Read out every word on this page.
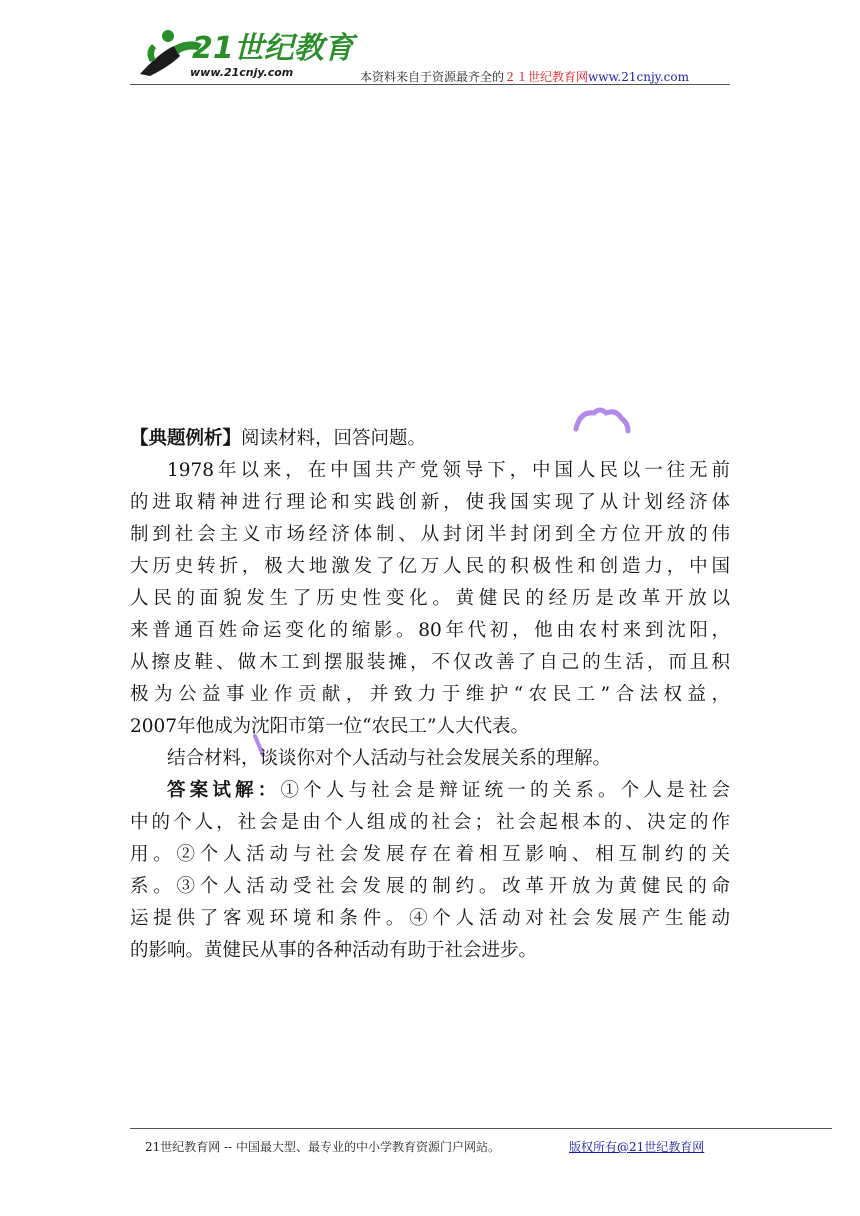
21世纪教育
www.21cnjy.com	本资料来自于资源最齐全的２１世纪教育网www.21cnjy.com
【典题例析】阅读材料，回答问题。
1978年以来，在中国共产党领导下，中国人民以一往无前
的进取精神进行理论和实践创新，使我国实现了从计划经济体
制到社会主义市场经济体制、从封闭半封闭到全方位开放的伟
大历史转折，极大地激发了亿万人民的积极性和创造力，中国
人民的面貌发生了历史性变化。黄健民的经历是改革开放以
来普通百姓命运变化的缩影。80年代初，他由农村来到沈阳，
从擦皮鞋、做木工到摆服装摊，不仅改善了自己的生活，而且积
极为公益事业作贡献，并致力于维护“农民工”合法权益，
2007年他成为沈阳市第一位“农民工”人大代表。
结合材料，谈谈你对个人活动与社会发展关系的理解。
答案试解：①个人与社会是辩证统一的关系。个人是社会
中的个人，社会是由个人组成的社会；社会起根本的、决定的作
用。②个人活动与社会发展存在着相互影响、相互制约的关
系。③个人活动受社会发展的制约。改革开放为黄健民的命
运提供了客观环境和条件。④个人活动对社会发展产生能动
的影响。黄健民从事的各种活动有助于社会进步。
21世纪教育网 -- 中国最大型、最专业的中小学教育资源门户网站。	版权所有@21世纪教育网
